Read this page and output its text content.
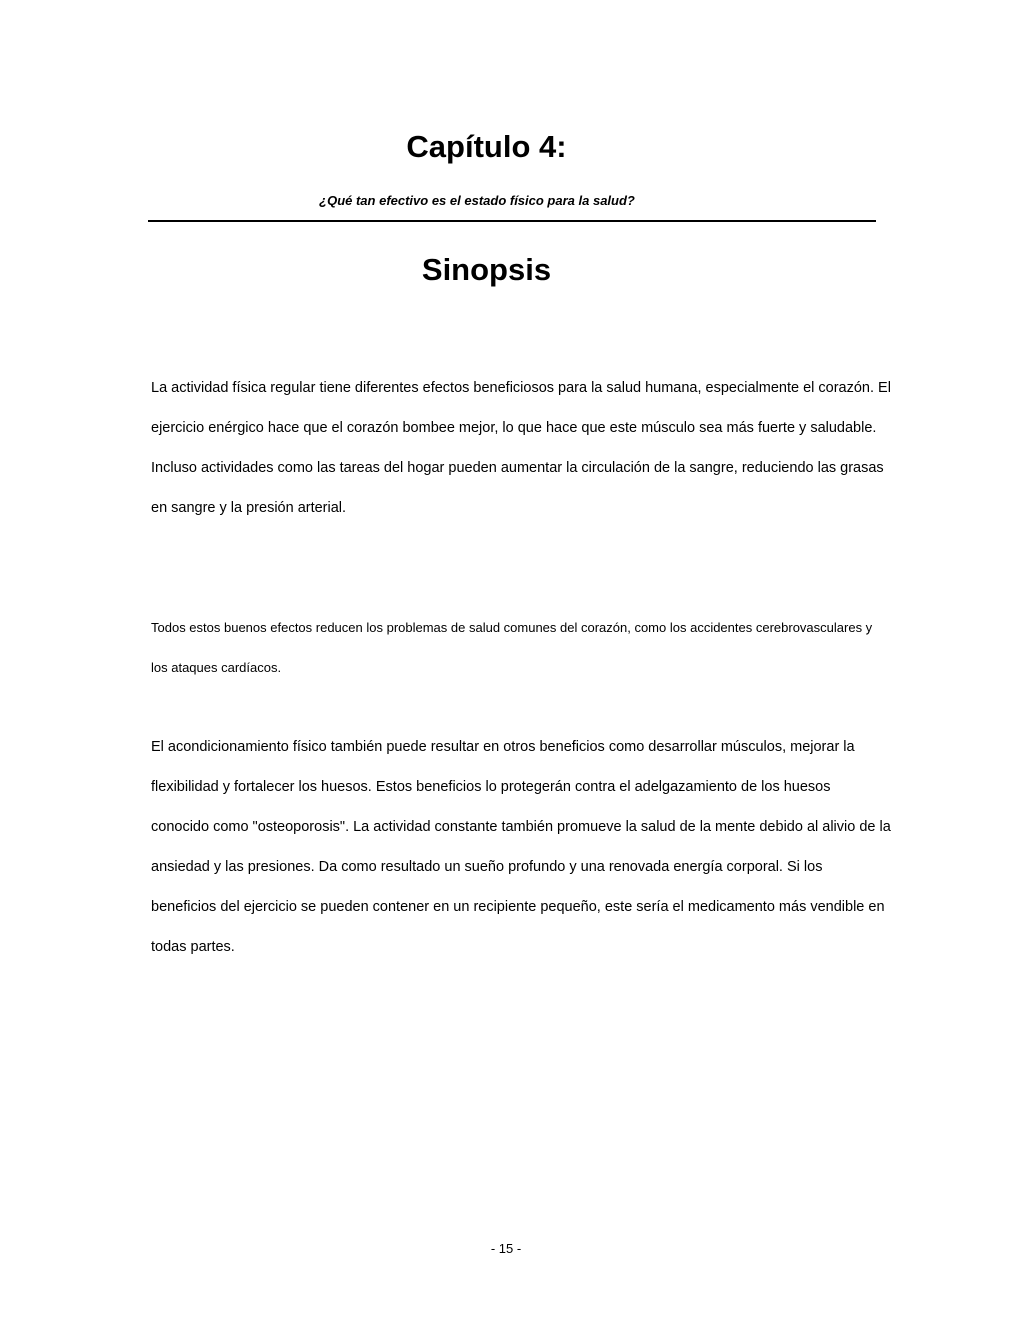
Capítulo 4:
¿Qué tan efectivo es el estado físico para la salud?
Sinopsis

La actividad física regular tiene diferentes efectos beneficiosos para la salud humana, especialmente el corazón. El ejercicio enérgico hace que el corazón bombee mejor, lo que hace que este músculo sea más fuerte y saludable. Incluso actividades como las tareas del hogar pueden aumentar la circulación de la sangre, reduciendo las grasas en sangre y la presión arterial.

Todos estos buenos efectos reducen los problemas de salud comunes del corazón, como los accidentes cerebrovasculares y los ataques cardíacos.

El acondicionamiento físico también puede resultar en otros beneficios como desarrollar músculos, mejorar la flexibilidad y fortalecer los huesos. Estos beneficios lo protegerán contra el adelgazamiento de los huesos conocido como "osteoporosis". La actividad constante también promueve la salud de la mente debido al alivio de la ansiedad y las presiones. Da como resultado un sueño profundo y una renovada energía corporal. Si los beneficios del ejercicio se pueden contener en un recipiente pequeño, este sería el medicamento más vendible en todas partes.

- 15 -
